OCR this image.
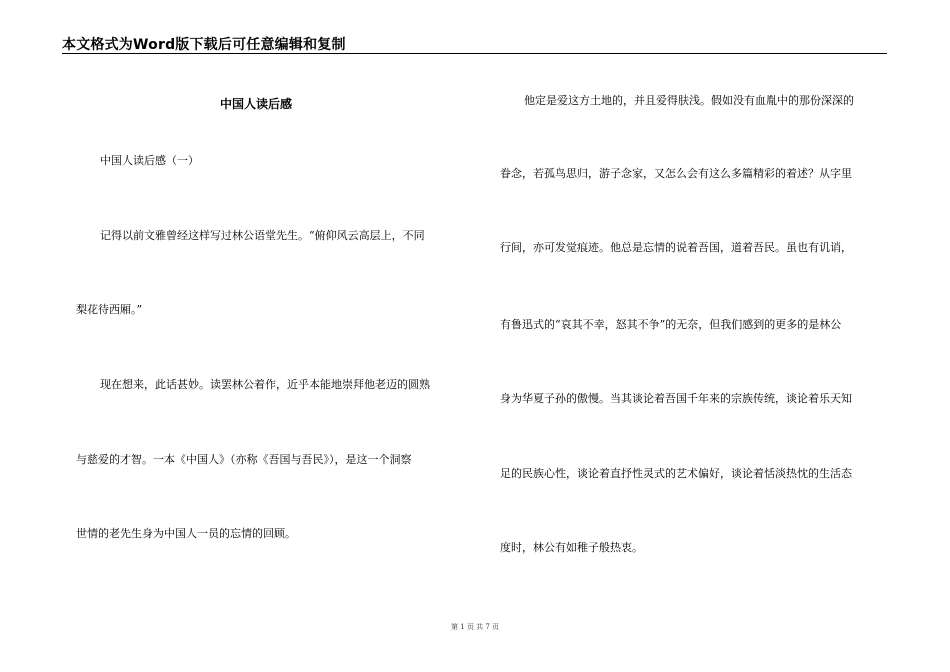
本文格式为Word版下载后可任意编辑和复制
中国人读后感
中国人读后感（一）
记得以前文雅曾经这样写过林公语堂先生。“俯仰风云高层上，不同
梨花待西厢。”
现在想来，此话甚妙。读罢林公着作，近乎本能地崇拜他老迈的圆熟
与慈爱的才智。一本《中国人》（亦称《吾国与吾民》），是这一个洞察
世情的老先生身为中国人一员的忘情的回顾。
他定是爱这方土地的，并且爱得肤浅。假如没有血胤中的那份深深的
眷念，若孤鸟思归，游子念家，又怎么会有这么多篇精彩的着述？从字里
行间，亦可发觉痕迹。他总是忘情的说着吾国，道着吾民。虽也有讥诮，
有鲁迅式的“哀其不幸，怒其不争”的无奈，但我们感到的更多的是林公
身为华夏子孙的傲慢。当其谈论着吾国千年来的宗族传统，谈论着乐天知
足的民族心性，谈论着直抒性灵式的艺术偏好，谈论着恬淡热忱的生活态
度时，林公有如稚子般热衷。
第 1 页 共 7 页
